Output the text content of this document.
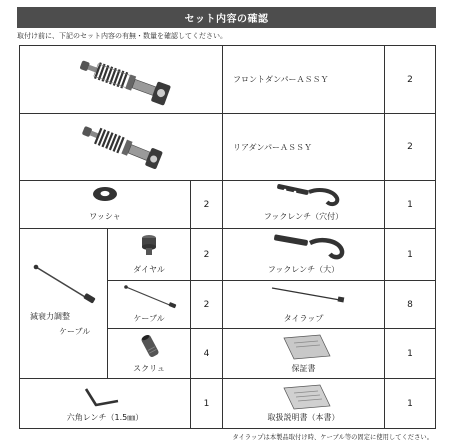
セット内容の確認
取付け前に、下記のセット内容の有無・数量を確認してください。
フロントダンパーＡＳＳＹ	2
リアダンパーＡＳＳＹ	2
ワッシャ
2
フックレンチ（穴付）
1
減衰力調整
ケーブル
ダイヤル
2
フックレンチ（大）
1
ケーブル
2
タイラップ
8
スクリュ
4
保証書
1
六角レンチ（1.5㎜）
1
取扱説明書（本書）
1
タイラップは本製品取付け時、ケーブル等の固定に使用してください。
